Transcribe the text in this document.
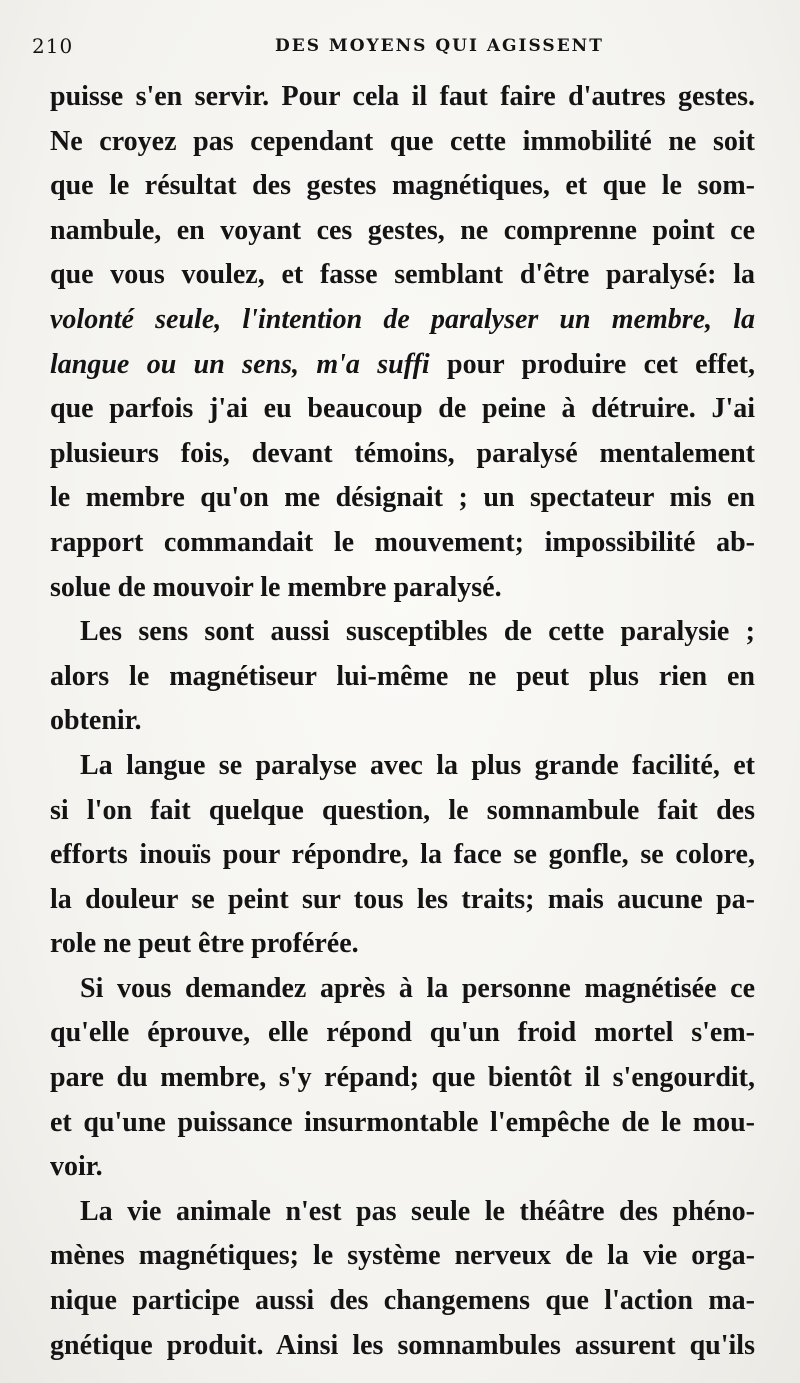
210	DES MOYENS QUI AGISSENT

puisse s'en servir. Pour cela il faut faire d'autres gestes.
Ne croyez pas cependant que cette immobilité ne soit
que le résultat des gestes magnétiques, et que le som-
nambule, en voyant ces gestes, ne comprenne point ce
que vous voulez, et fasse semblant d'être paralysé: la
volonté seule, l'intention de paralyser un membre, la
langue ou un sens, m'a suffi pour produire cet effet,
que parfois j'ai eu beaucoup de peine à détruire. J'ai
plusieurs fois, devant témoins, paralysé mentalement
le membre qu'on me désignait ; un spectateur mis en
rapport commandait le mouvement; impossibilité ab-
solue de mouvoir le membre paralysé.

Les sens sont aussi susceptibles de cette paralysie ;
alors le magnétiseur lui-même ne peut plus rien en
obtenir.

La langue se paralyse avec la plus grande facilité, et
si l'on fait quelque question, le somnambule fait des
efforts inouïs pour répondre, la face se gonfle, se colore,
la douleur se peint sur tous les traits; mais aucune pa-
role ne peut être proférée.

Si vous demandez après à la personne magnétisée ce
qu'elle éprouve, elle répond qu'un froid mortel s'em-
pare du membre, s'y répand; que bientôt il s'engourdit,
et qu'une puissance insurmontable l'empêche de le mou-
voir.

La vie animale n'est pas seule le théâtre des phéno-
mènes magnétiques; le système nerveux de la vie orga-
nique participe aussi des changemens que l'action ma-
gnétique produit. Ainsi les somnambules assurent qu'ils
